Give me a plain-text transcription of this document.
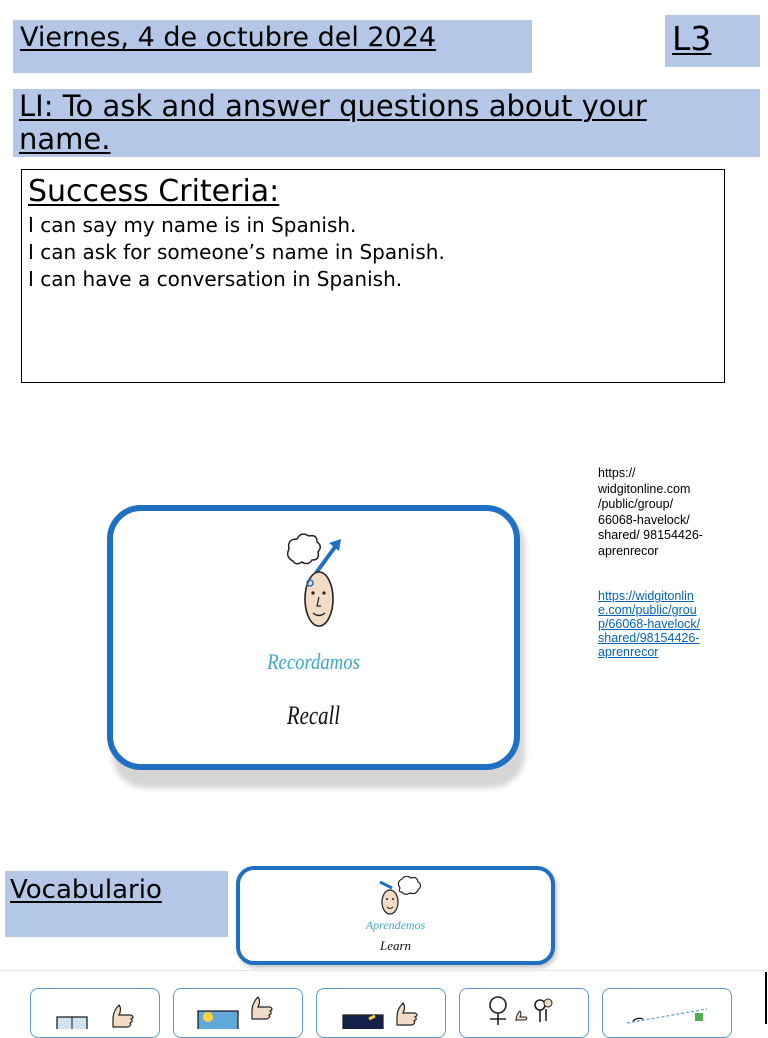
Viernes, 4 de octubre del 2024	L3
LI: To ask and answer questions about your name.
Success Criteria:
I can say my name is in Spanish.
I can ask for someone’s name in Spanish.
I can have a conversation in Spanish.
Recordamos
Recall
https:// widgitonline.com /public/group/ 66068-havelock/ shared/ 98154426- aprenrecor
https://widgitonline.com/public/group/66068-havelock/shared/98154426-aprenrecor
Vocabulario
Aprendemos
Learn
